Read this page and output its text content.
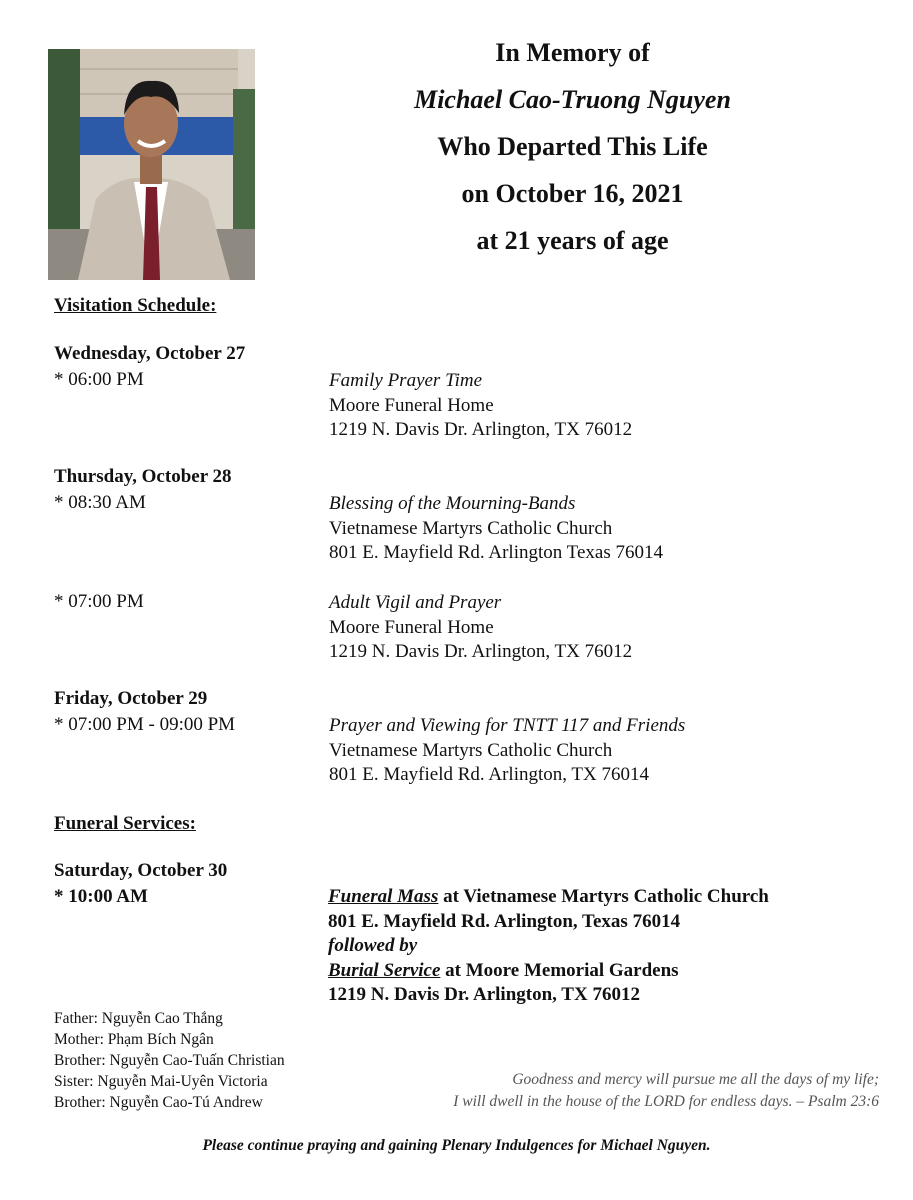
In Memory of
Michael Cao-Truong Nguyen
Who Departed This Life
on October 16, 2021
at 21 years of age
Visitation Schedule:
Wednesday, October 27
* 06:00 PM	Family Prayer Time
Moore Funeral Home
1219 N. Davis Dr. Arlington, TX 76012
Thursday, October 28
* 08:30 AM	Blessing of the Mourning-Bands
Vietnamese Martyrs Catholic Church
801 E. Mayfield Rd. Arlington Texas 76014
* 07:00 PM	Adult Vigil and Prayer
Moore Funeral Home
1219 N. Davis Dr. Arlington, TX 76012
Friday, October 29
* 07:00 PM - 09:00 PM	Prayer and Viewing for TNTT 117 and Friends
Vietnamese Martyrs Catholic Church
801 E. Mayfield Rd. Arlington, TX 76014
Funeral Services:
Saturday, October 30
* 10:00 AM	Funeral Mass at Vietnamese Martyrs Catholic Church
801 E. Mayfield Rd. Arlington, Texas 76014
followed by
Burial Service at Moore Memorial Gardens
1219 N. Davis Dr. Arlington, TX 76012
Father: Nguyễn Cao Thắng
Mother: Phạm Bích Ngân
Brother: Nguyễn Cao-Tuấn Christian
Sister: Nguyễn Mai-Uyên Victoria
Brother: Nguyễn Cao-Tú Andrew
Goodness and mercy will pursue me all the days of my life;
I will dwell in the house of the LORD for endless days. – Psalm 23:6
Please continue praying and gaining Plenary Indulgences for Michael Nguyen.
